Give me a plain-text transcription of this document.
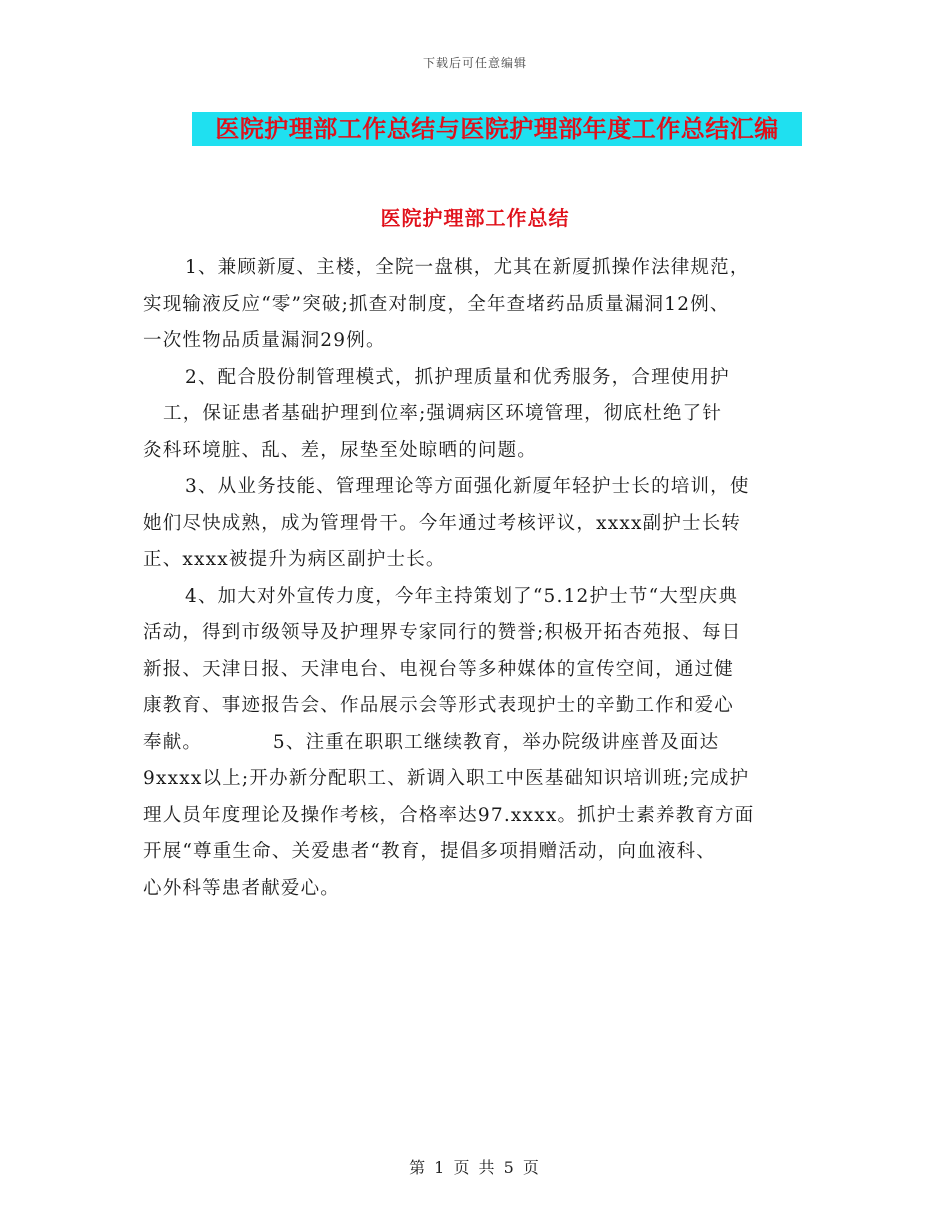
下载后可任意编辑
医院护理部工作总结与医院护理部年度工作总结汇编
医院护理部工作总结

1、兼顾新厦、主楼，全院一盘棋，尤其在新厦抓操作法律规范，

实现输液反应“零”突破;抓查对制度，全年查堵药品质量漏洞12例、

一次性物品质量漏洞29例。

2、配合股份制管理模式，抓护理质量和优秀服务，合理使用护

工，保证患者基础护理到位率;强调病区环境管理，彻底杜绝了针

灸科环境脏、乱、差，尿垫至处晾晒的问题。

3、从业务技能、管理理论等方面强化新厦年轻护士长的培训，使

她们尽快成熟，成为管理骨干。今年通过考核评议，xxxx副护士长转

正、xxxx被提升为病区副护士长。

4、加大对外宣传力度，今年主持策划了“5.12护士节“大型庆典

活动，得到市级领导及护理界专家同行的赞誉;积极开拓杏苑报、每日

新报、天津日报、天津电台、电视台等多种媒体的宣传空间，通过健

康教育、事迹报告会、作品展示会等形式表现护士的辛勤工作和爱心

奉献。          5、注重在职职工继续教育，举办院级讲座普及面达

9xxxx以上;开办新分配职工、新调入职工中医基础知识培训班;完成护

理人员年度理论及操作考核，合格率达97.xxxx。抓护士素养教育方面

开展“尊重生命、关爱患者“教育，提倡多项捐赠活动，向血液科、

心外科等患者献爱心。

第 1 页 共 5 页
